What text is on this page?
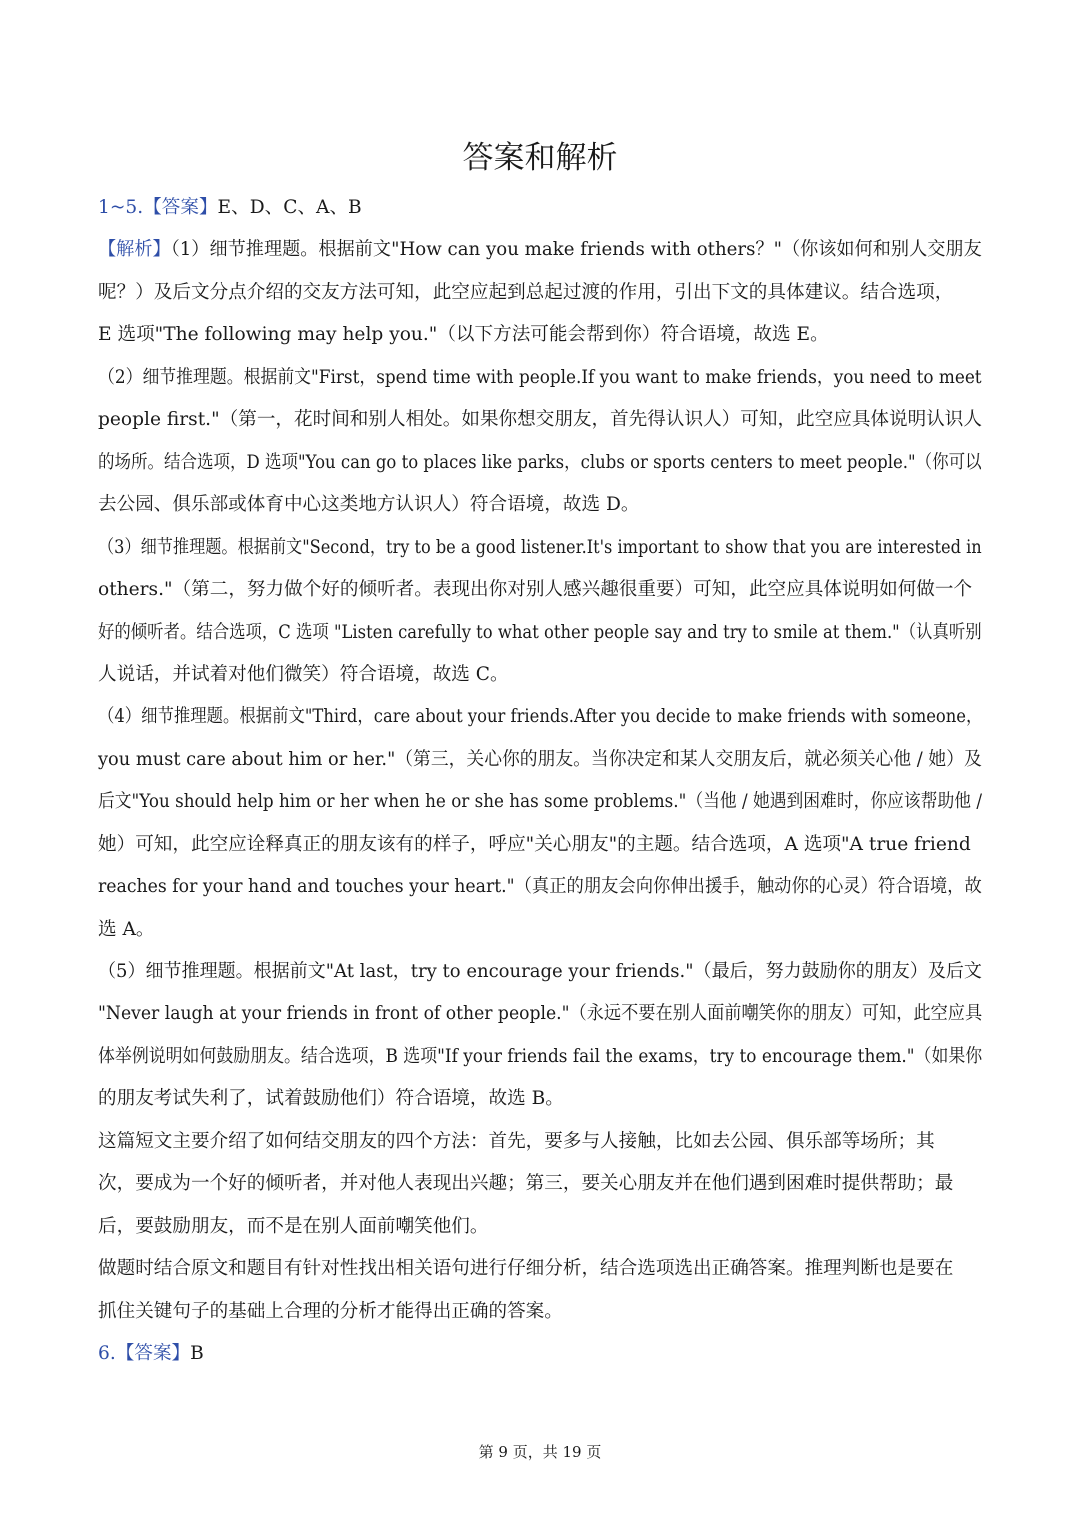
答案和解析
1~5.【答案】E、D、C、A、B
【解析】（1）细节推理题。根据前文"How can you make friends with others？"（你该如何和别人交朋友
呢？）及后文分点介绍的交友方法可知，此空应起到总起过渡的作用，引出下文的具体建议。结合选项，
E 选项"The following may help you."（以下方法可能会帮到你）符合语境，故选 E。
（2）细节推理题。根据前文"First，spend time with people.If you want to make friends，you need to meet
people first."（第一，花时间和别人相处。如果你想交朋友，首先得认识人）可知，此空应具体说明认识人
的场所。结合选项，D 选项"You can go to places like parks，clubs or sports centers to meet people."（你可以
去公园、俱乐部或体育中心这类地方认识人）符合语境，故选 D。
（3）细节推理题。根据前文"Second，try to be a good listener.It's important to show that you are interested in
others."（第二，努力做个好的倾听者。表现出你对别人感兴趣很重要）可知，此空应具体说明如何做一个
好的倾听者。结合选项，C 选项 "Listen carefully to what other people say and try to smile at them."（认真听别
人说话，并试着对他们微笑）符合语境，故选 C。
（4）细节推理题。根据前文"Third，care about your friends.After you decide to make friends with someone，
you must care about him or her."（第三，关心你的朋友。当你决定和某人交朋友后，就必须关心他 / 她）及
后文"You should help him or her when he or she has some problems."（当他 / 她遇到困难时，你应该帮助他 /
她）可知，此空应诠释真正的朋友该有的样子，呼应"关心朋友"的主题。结合选项，A 选项"A true friend
reaches for your hand and touches your heart."（真正的朋友会向你伸出援手，触动你的心灵）符合语境，故
选 A。
（5）细节推理题。根据前文"At last，try to encourage your friends."（最后，努力鼓励你的朋友）及后文
"Never laugh at your friends in front of other people."（永远不要在别人面前嘲笑你的朋友）可知，此空应具
体举例说明如何鼓励朋友。结合选项，B 选项"If your friends fail the exams，try to encourage them."（如果你
的朋友考试失利了，试着鼓励他们）符合语境，故选 B。
这篇短文主要介绍了如何结交朋友的四个方法：首先，要多与人接触，比如去公园、俱乐部等场所；其
次，要成为一个好的倾听者，并对他人表现出兴趣；第三，要关心朋友并在他们遇到困难时提供帮助；最
后，要鼓励朋友，而不是在别人面前嘲笑他们。
做题时结合原文和题目有针对性找出相关语句进行仔细分析，结合选项选出正确答案。推理判断也是要在
抓住关键句子的基础上合理的分析才能得出正确的答案。
6.【答案】B
第 9 页，共 19 页
